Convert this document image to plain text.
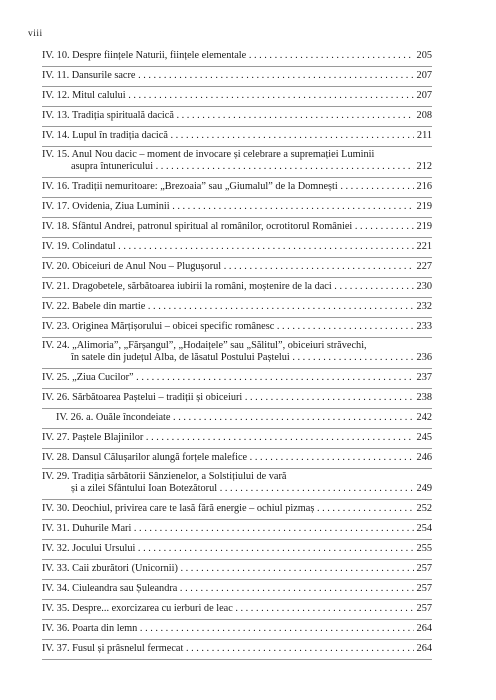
viii
IV. 10. Despre ființele Naturii, ființele elementale . . .	205
IV. 11. Dansurile sacre . . .	207
IV. 12. Mitul calului . . .	207
IV. 13. Tradiția spirituală dacică . . .	208
IV. 14. Lupul în tradiția dacică . . .	211
IV. 15. Anul Nou dacic – moment de invocare și celebrare a supremației Luminii
asupra întunericului . . .	212
IV. 16. Tradiții nemuritoare: „Brezoaia” sau „Giumalul” de la Domnești . . .	216
IV. 17. Ovidenia, Ziua Luminii . . .	219
IV. 18. Sfântul Andrei, patronul spiritual al românilor, ocrotitorul României . . .	219
IV. 19. Colindatul . . .	221
IV. 20. Obiceiuri de Anul Nou – Plugușorul . . .	227
IV. 21. Dragobetele, sărbătoarea iubirii la români, moștenire de la daci . . .	230
IV. 22. Babele din martie . . .	232
IV. 23. Originea Mărțișorului – obicei specific românesc . . .	233
IV. 24. „Alimoria”, „Fărșangul”, „Hodaițele” sau „Sălitul”, obiceiuri străvechi,
în satele din județul Alba, de lăsatul Postului Paștelui . . .	236
IV. 25. „Ziua Cucilor” . . .	237
IV. 26. Sărbătoarea Paștelui – tradiții și obiceiuri . . .	238
IV. 26. a. Ouăle încondeiate . . .	242
IV. 27. Paștele Blajinilor . . .	245
IV. 28. Dansul Călușarilor alungă forțele malefice . . .	246
IV. 29. Tradiția sărbătorii Sânzienelor, a Solstițiului de vară
și a zilei Sfântului Ioan Botezătorul . . .	249
IV. 30. Deochiul, privirea care te lasă fără energie – ochiul pizmaș . . .	252
IV. 31. Duhurile Mari . . .	254
IV. 32. Jocului Ursului . . .	255
IV. 33. Caii zburători (Unicornii) . . .	257
IV. 34. Ciuleandra sau Șuleandra . . .	257
IV. 35. Despre... exorcizarea cu ierburi de leac . . .	257
IV. 36. Poarta din lemn . . .	264
IV. 37. Fusul și prâsnelul fermecat . . .	264
